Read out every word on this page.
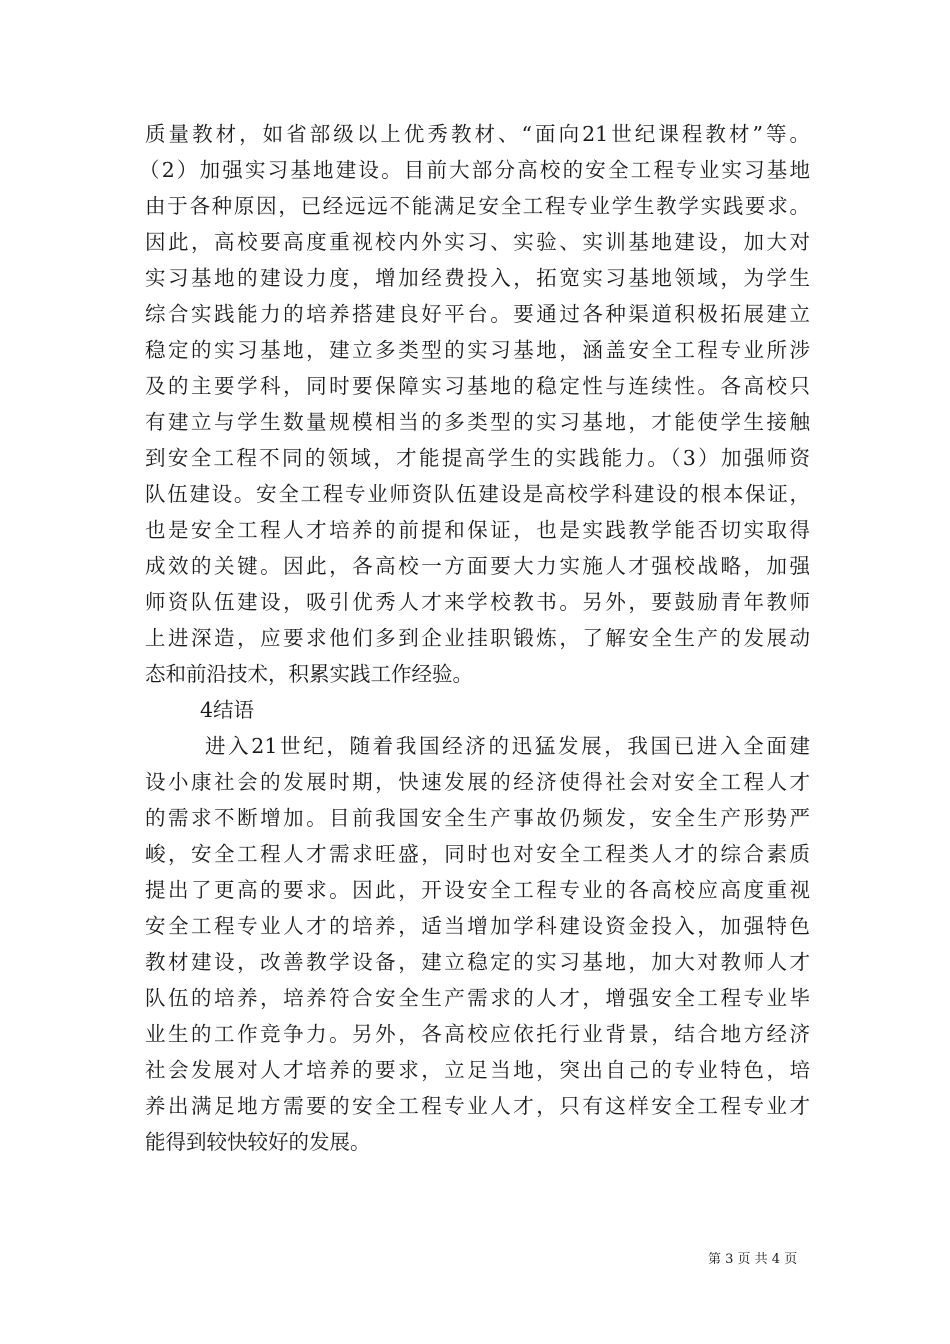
质量教材，如省部级以上优秀教材、“面向21世纪课程教材”等。
（2）加强实习基地建设。目前大部分高校的安全工程专业实习基地
由于各种原因，已经远远不能满足安全工程专业学生教学实践要求。
因此，高校要高度重视校内外实习、实验、实训基地建设，加大对
实习基地的建设力度，增加经费投入，拓宽实习基地领域，为学生
综合实践能力的培养搭建良好平台。要通过各种渠道积极拓展建立
稳定的实习基地，建立多类型的实习基地，涵盖安全工程专业所涉
及的主要学科，同时要保障实习基地的稳定性与连续性。各高校只
有建立与学生数量规模相当的多类型的实习基地，才能使学生接触
到安全工程不同的领域，才能提高学生的实践能力。（3）加强师资
队伍建设。安全工程专业师资队伍建设是高校学科建设的根本保证，
也是安全工程人才培养的前提和保证，也是实践教学能否切实取得
成效的关键。因此，各高校一方面要大力实施人才强校战略，加强
师资队伍建设，吸引优秀人才来学校教书。另外，要鼓励青年教师
上进深造，应要求他们多到企业挂职锻炼，了解安全生产的发展动
态和前沿技术，积累实践工作经验。
4结语
进入21世纪，随着我国经济的迅猛发展，我国已进入全面建
设小康社会的发展时期，快速发展的经济使得社会对安全工程人才
的需求不断增加。目前我国安全生产事故仍频发，安全生产形势严
峻，安全工程人才需求旺盛，同时也对安全工程类人才的综合素质
提出了更高的要求。因此，开设安全工程专业的各高校应高度重视
安全工程专业人才的培养，适当增加学科建设资金投入，加强特色
教材建设，改善教学设备，建立稳定的实习基地，加大对教师人才
队伍的培养，培养符合安全生产需求的人才，增强安全工程专业毕
业生的工作竞争力。另外，各高校应依托行业背景，结合地方经济
社会发展对人才培养的要求，立足当地，突出自己的专业特色，培
养出满足地方需要的安全工程专业人才，只有这样安全工程专业才
能得到较快较好的发展。
第 3 页 共 4 页
